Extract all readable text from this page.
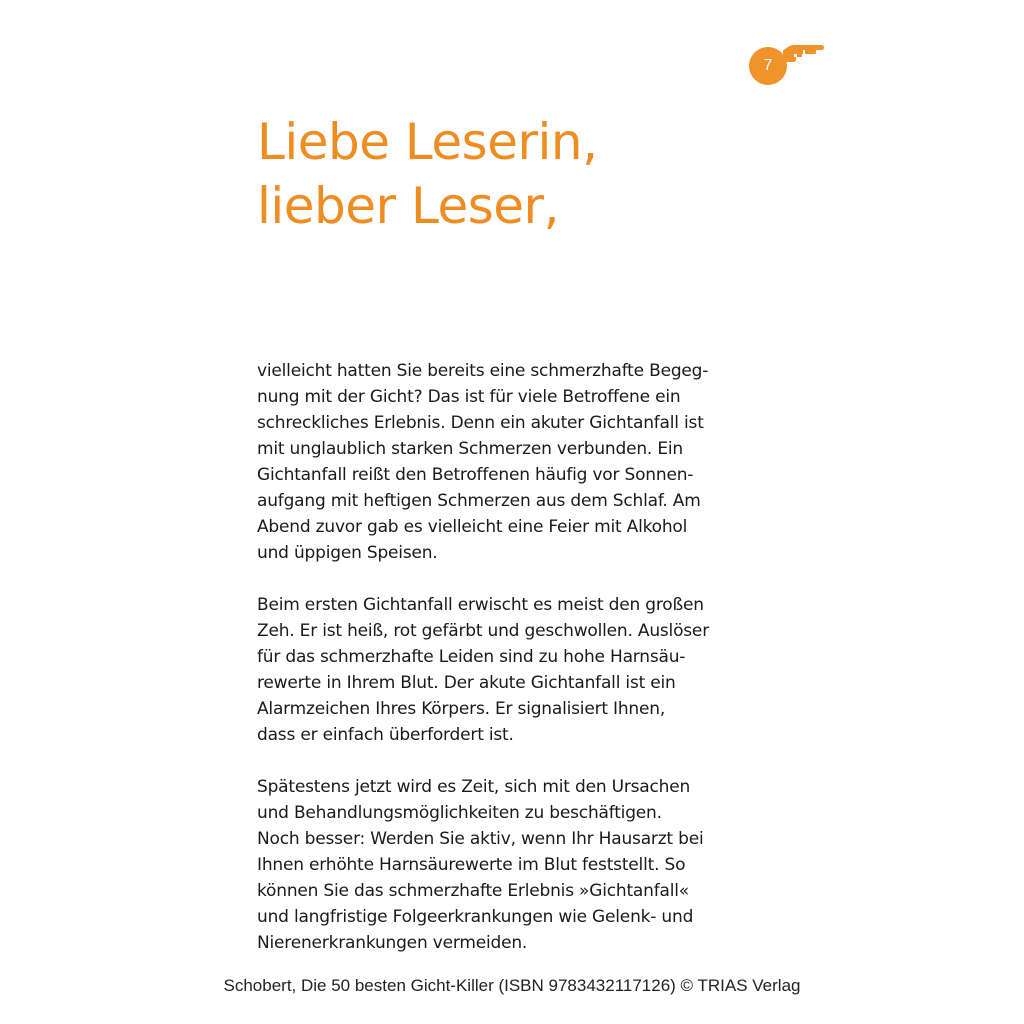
7
Liebe Leserin,
lieber Leser,

vielleicht hatten Sie bereits eine schmerzhafte Begeg-
nung mit der Gicht? Das ist für viele Betroffene ein
schreckliches Erlebnis. Denn ein akuter Gichtanfall ist
mit unglaublich starken Schmerzen verbunden. Ein
Gichtanfall reißt den Betroffenen häufig vor Sonnen-
aufgang mit heftigen Schmerzen aus dem Schlaf. Am
Abend zuvor gab es vielleicht eine Feier mit Alkohol
und üppigen Speisen.

Beim ersten Gichtanfall erwischt es meist den großen
Zeh. Er ist heiß, rot gefärbt und geschwollen. Auslöser
für das schmerzhafte Leiden sind zu hohe Harnsäu-
rewerte in Ihrem Blut. Der akute Gichtanfall ist ein
Alarmzeichen Ihres Körpers. Er signalisiert Ihnen,
dass er einfach überfordert ist.

Spätestens jetzt wird es Zeit, sich mit den Ursachen
und Behandlungsmöglichkeiten zu beschäftigen.
Noch besser: Werden Sie aktiv, wenn Ihr Hausarzt bei
Ihnen erhöhte Harnsäurewerte im Blut feststellt. So
können Sie das schmerzhafte Erlebnis »Gichtanfall«
und langfristige Folgeerkrankungen wie Gelenk- und
Nierenerkrankungen vermeiden.

Schobert, Die 50 besten Gicht-Killer (ISBN 9783432117126) © TRIAS Verlag
